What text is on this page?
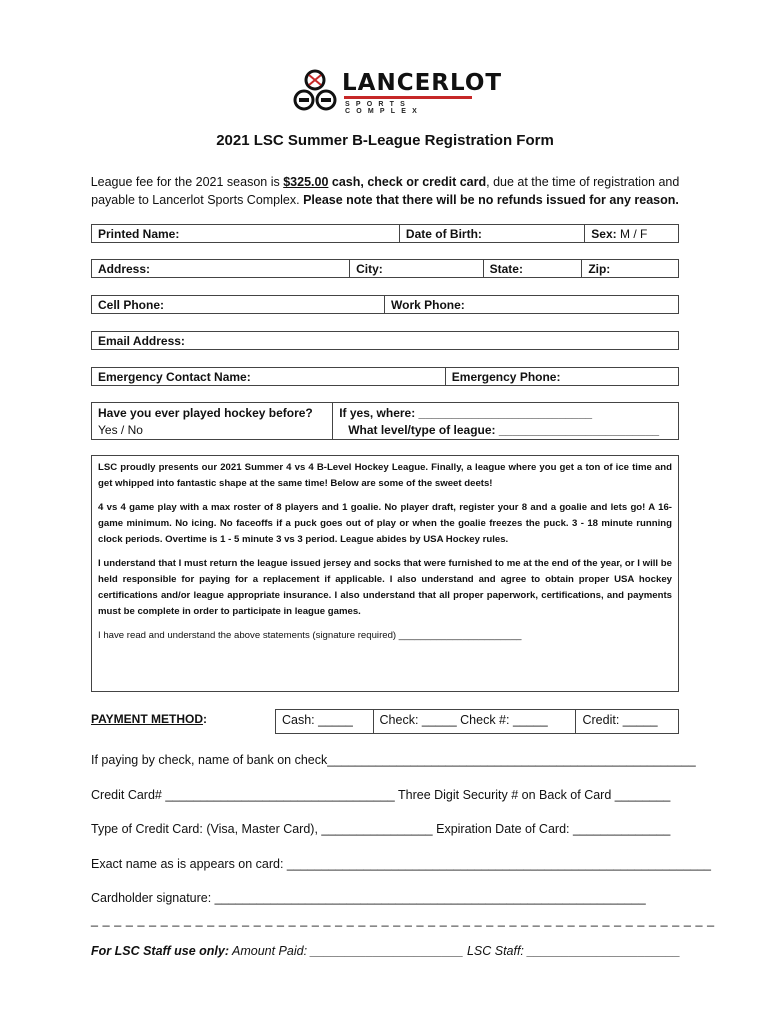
LANCERLOT
SPORTS COMPLEX
2021 LSC Summer B-League Registration Form
League fee for the 2021 season is $325.00 cash, check or credit card, due at the time of registration and payable to Lancerlot Sports Complex. Please note that there will be no refunds issued for any reason.
Printed Name:	Date of Birth:	Sex: M / F
Address:	City:	State:	Zip:
Cell Phone:	Work Phone:
Email Address:
Emergency Contact Name:	Emergency Phone:
Have you ever played hockey before?
Yes / No
If yes, where: __________________________
What level/type of league: ________________________

LSC proudly presents our 2021 Summer 4 vs 4 B-Level Hockey League. Finally, a league where you get a ton of ice time and get whipped into fantastic shape at the same time! Below are some of the sweet deets!

4 vs 4 game play with a max roster of 8 players and 1 goalie. No player draft, register your 8 and a goalie and lets go! A 16-game minimum. No icing. No faceoffs if a puck goes out of play or when the goalie freezes the puck. 3 - 18 minute running clock periods. Overtime is 1 - 5 minute 3 vs 3 period. League abides by USA Hockey rules.

I understand that I must return the league issued jersey and socks that were furnished to me at the end of the year, or I will be held responsible for paying for a replacement if applicable. I also understand and agree to obtain proper USA hockey certifications and/or league appropriate insurance. I also understand that all proper paperwork, certifications, and payments must be complete in order to participate in league games.

I have read and understand the above statements (signature required) _______________________

PAYMENT METHOD:	Cash: _____	Check: _____ Check #: _____	Credit: _____
If paying by check, name of bank on check_____________________________________________________
Credit Card# _________________________________ Three Digit Security # on Back of Card ________
Type of Credit Card: (Visa, Master Card), ________________ Expiration Date of Card: ______________
Exact name as is appears on card: _____________________________________________________________
Cardholder signature: ______________________________________________________________
_ _ _ _ _ _ _ _ _ _ _ _ _ _ _ _ _ _ _ _ _ _ _ _ _ _ _ _ _ _ _ _ _ _ _ _ _ _ _ _ _ _ _ _ _ _ _ _ _ _ _ _ _ _
For LSC Staff use only: Amount Paid: ______________________ LSC Staff: ______________________
